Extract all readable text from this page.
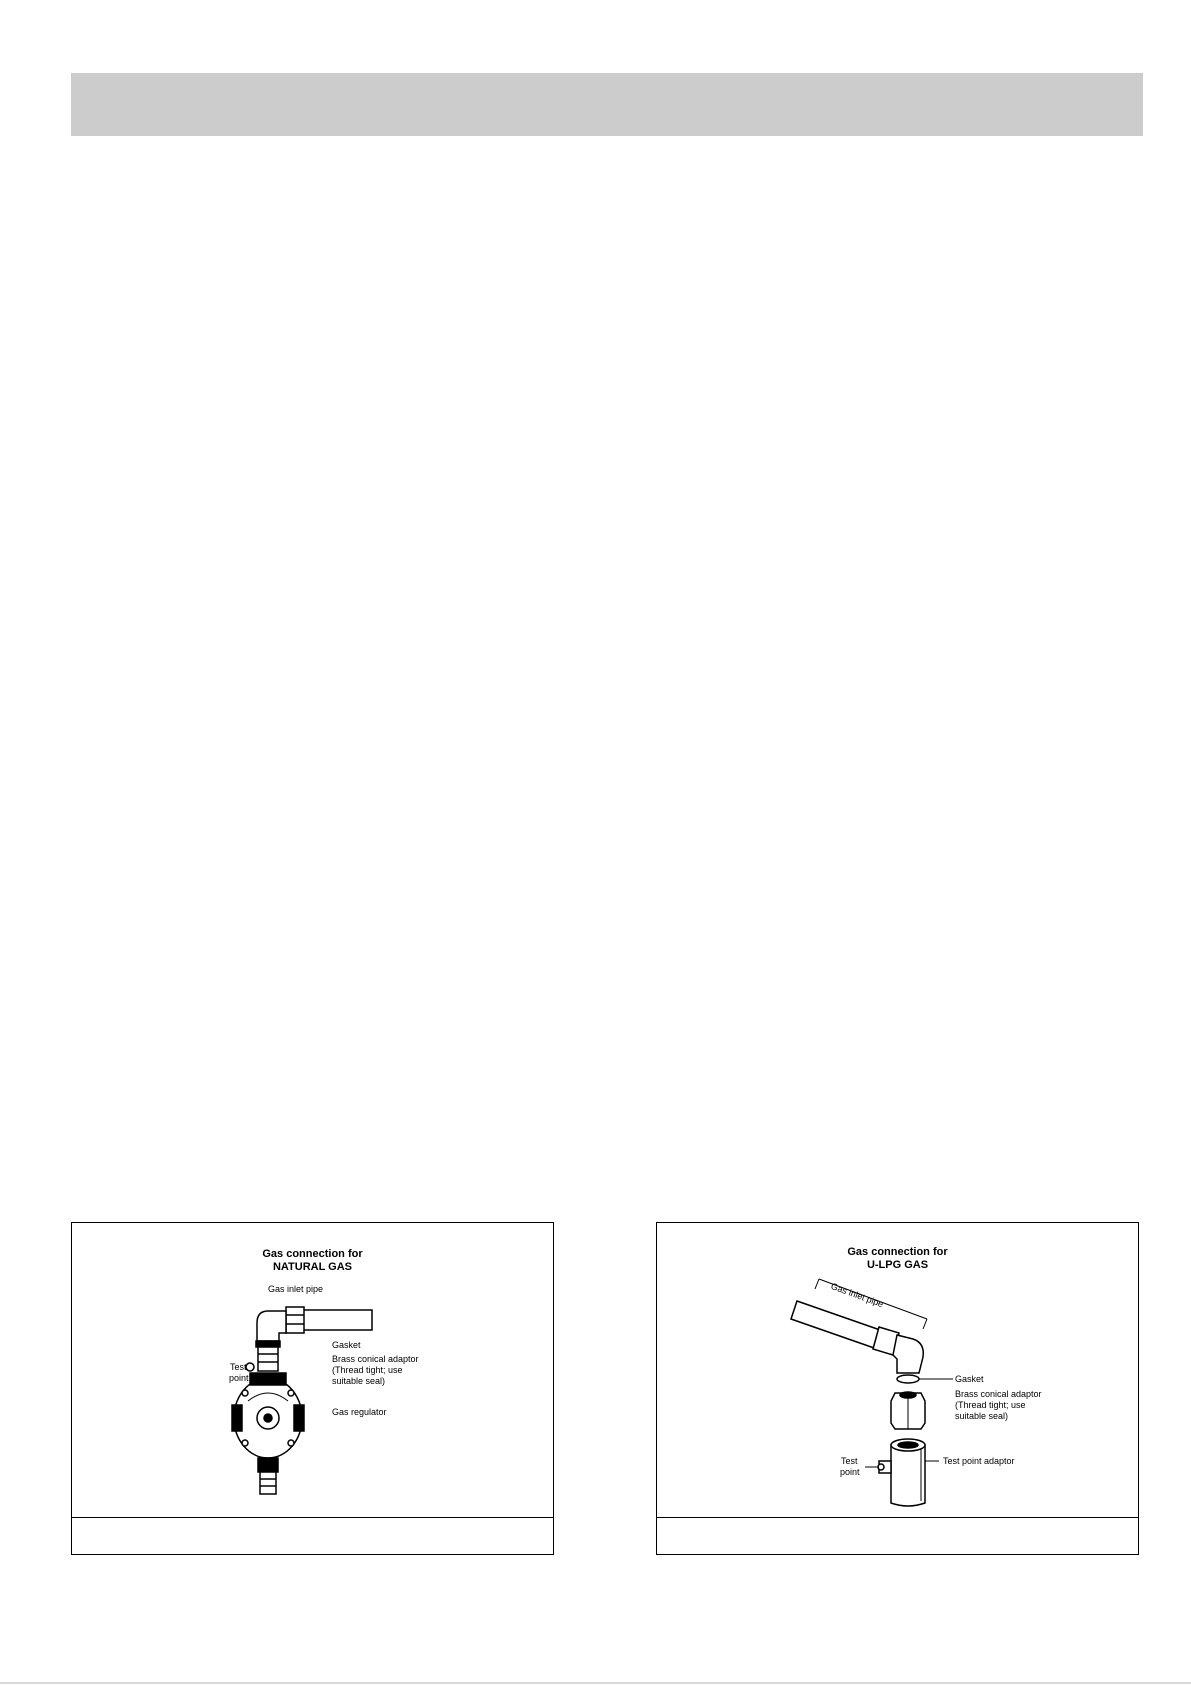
Gas connection for
NATURAL GAS
Gas inlet pipe
Gasket
Brass conical adaptor
(Thread tight; use
suitable seal)
Test
point
Gas regulator
Gas connection for
U-LPG GAS
Gas inlet pipe
Gasket
Brass conical adaptor
(Thread tight; use
suitable seal)
Test
point
Test point adaptor
